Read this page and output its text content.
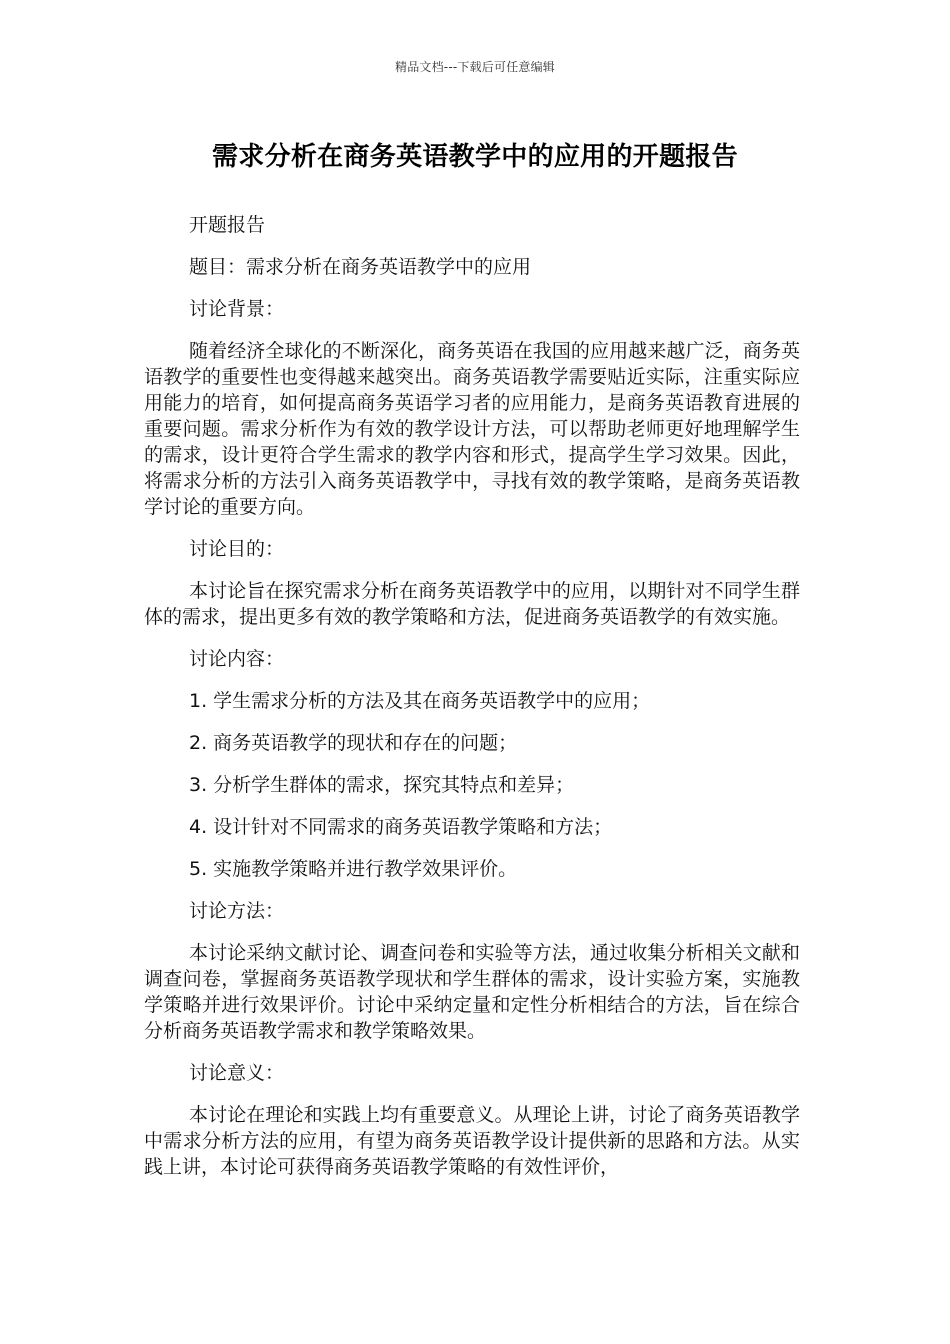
精品文档---下载后可任意编辑
需求分析在商务英语教学中的应用的开题报告

开题报告

题目：需求分析在商务英语教学中的应用

讨论背景：

随着经济全球化的不断深化，商务英语在我国的应用越来越广泛，商务英语教学的重要性也变得越来越突出。商务英语教学需要贴近实际，注重实际应用能力的培育，如何提高商务英语学习者的应用能力，是商务英语教育进展的重要问题。需求分析作为有效的教学设计方法，可以帮助老师更好地理解学生的需求，设计更符合学生需求的教学内容和形式，提高学生学习效果。因此，将需求分析的方法引入商务英语教学中，寻找有效的教学策略，是商务英语教学讨论的重要方向。

讨论目的：

本讨论旨在探究需求分析在商务英语教学中的应用，以期针对不同学生群体的需求，提出更多有效的教学策略和方法，促进商务英语教学的有效实施。

讨论内容：

1. 学生需求分析的方法及其在商务英语教学中的应用；

2. 商务英语教学的现状和存在的问题；

3. 分析学生群体的需求，探究其特点和差异；

4. 设计针对不同需求的商务英语教学策略和方法；

5. 实施教学策略并进行教学效果评价。

讨论方法：

本讨论采纳文献讨论、调查问卷和实验等方法，通过收集分析相关文献和调查问卷，掌握商务英语教学现状和学生群体的需求，设计实验方案，实施教学策略并进行效果评价。讨论中采纳定量和定性分析相结合的方法，旨在综合分析商务英语教学需求和教学策略效果。

讨论意义：

本讨论在理论和实践上均有重要意义。从理论上讲，讨论了商务英语教学中需求分析方法的应用，有望为商务英语教学设计提供新的思路和方法。从实践上讲，本讨论可获得商务英语教学策略的有效性评价，
